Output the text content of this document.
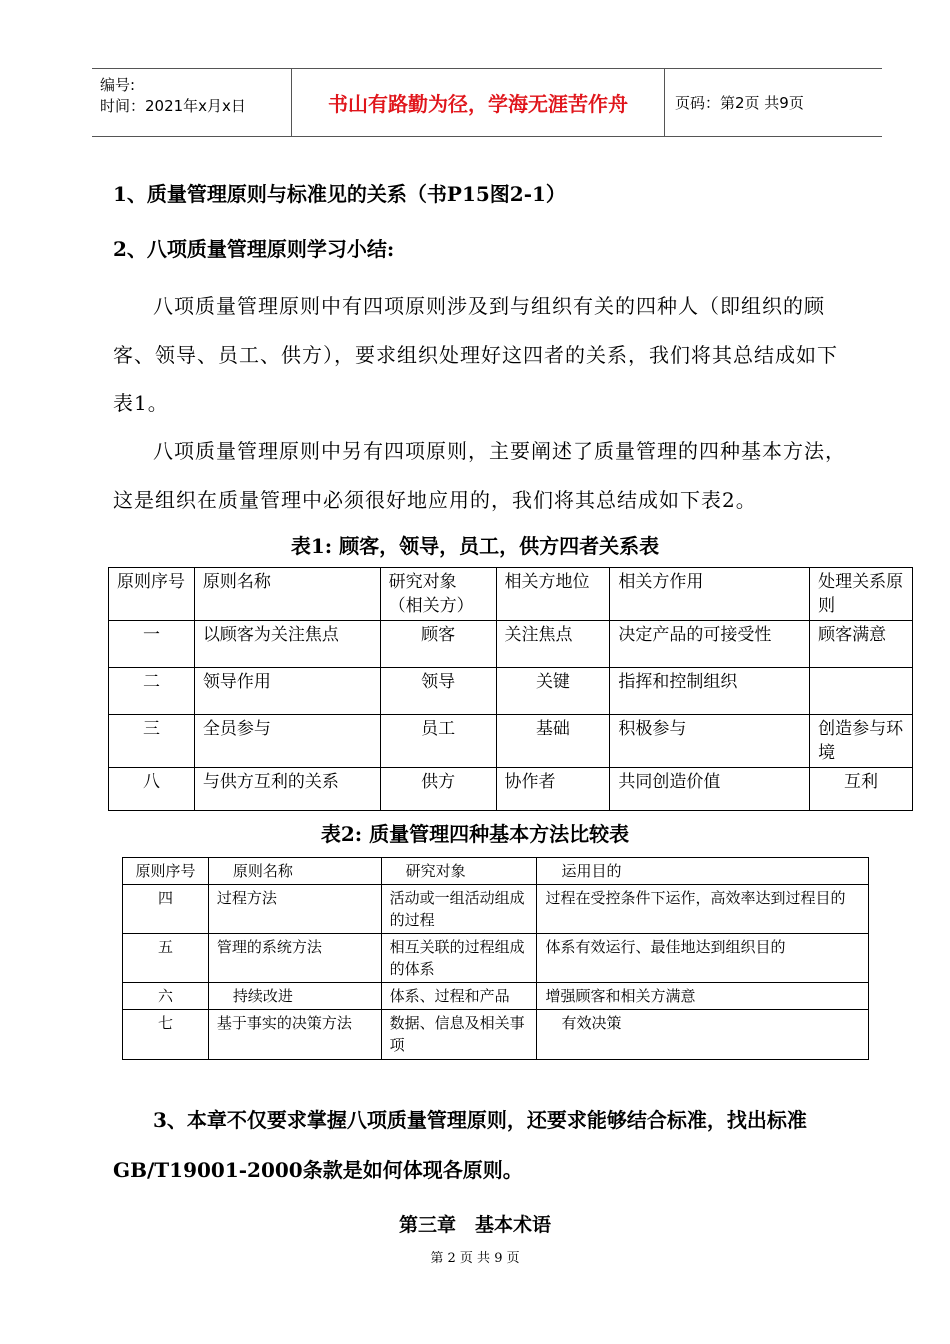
编号:
时间：2021年x月x日	书山有路勤为径，学海无涯苦作舟	页码：第2页 共9页
1、质量管理原则与标准见的关系（书P15图2-1）
2、八项质量管理原则学习小结:
八项质量管理原则中有四项原则涉及到与组织有关的四种人（即组织的顾客、领导、员工、供方），要求组织处理好这四者的关系，我们将其总结成如下表1。
八项质量管理原则中另有四项原则，主要阐述了质量管理的四种基本方法，这是组织在质量管理中必须很好地应用的，我们将其总结成如下表2。
表1: 顾客，领导，员工，供方四者关系表
原则序号	原则名称	研究对象（相关方）	相关方地位	相关方作用	处理关系原则
一	以顾客为关注焦点	顾客	关注焦点	决定产品的可接受性	顾客满意
二	领导作用	领导	关键	指挥和控制组织	
三	全员参与	员工	基础	积极参与	创造参与环境
八	与供方互利的关系	供方	协作者	共同创造价值	互利
表2: 质量管理四种基本方法比较表
原则序号	原则名称	研究对象	运用目的
四	过程方法	活动或一组活动组成的过程	过程在受控条件下运作，高效率达到过程目的
五	管理的系统方法	相互关联的过程组成的体系	体系有效运行、最佳地达到组织目的
六	持续改进	体系、过程和产品	增强顾客和相关方满意
七	基于事实的决策方法	数据、信息及相关事项	有效决策
3、本章不仅要求掌握八项质量管理原则，还要求能够结合标准，找出标准GB/T19001-2000条款是如何体现各原则。
第三章　基本术语
第 2 页 共 9 页
